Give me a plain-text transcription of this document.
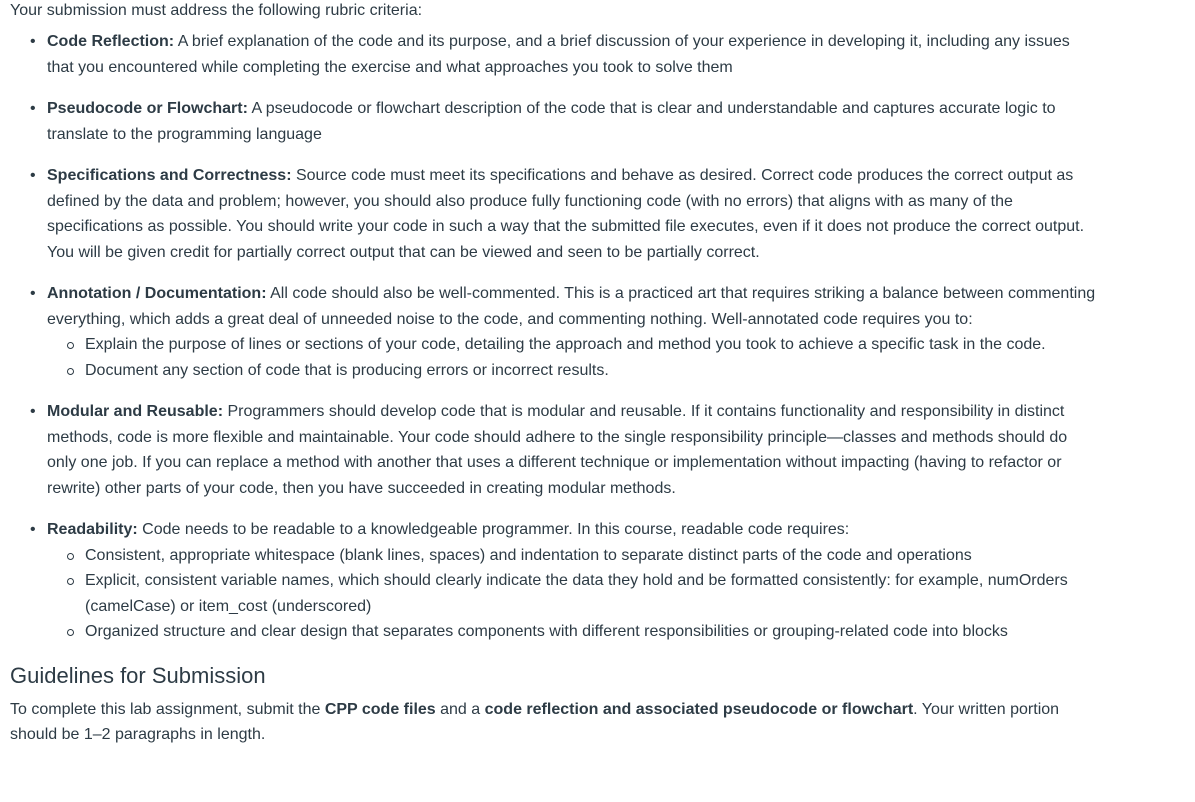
Your submission must address the following rubric criteria:

• Code Reflection: A brief explanation of the code and its purpose, and a brief discussion of your experience in developing it, including any issues that you encountered while completing the exercise and what approaches you took to solve them
• Pseudocode or Flowchart: A pseudocode or flowchart description of the code that is clear and understandable and captures accurate logic to translate to the programming language
• Specifications and Correctness: Source code must meet its specifications and behave as desired. Correct code produces the correct output as defined by the data and problem; however, you should also produce fully functioning code (with no errors) that aligns with as many of the specifications as possible. You should write your code in such a way that the submitted file executes, even if it does not produce the correct output. You will be given credit for partially correct output that can be viewed and seen to be partially correct.
• Annotation / Documentation: All code should also be well-commented. This is a practiced art that requires striking a balance between commenting everything, which adds a great deal of unneeded noise to the code, and commenting nothing. Well-annotated code requires you to:
Explain the purpose of lines or sections of your code, detailing the approach and method you took to achieve a specific task in the code.
Document any section of code that is producing errors or incorrect results.
• Modular and Reusable: Programmers should develop code that is modular and reusable. If it contains functionality and responsibility in distinct methods, code is more flexible and maintainable. Your code should adhere to the single responsibility principle—classes and methods should do only one job. If you can replace a method with another that uses a different technique or implementation without impacting (having to refactor or rewrite) other parts of your code, then you have succeeded in creating modular methods.
• Readability: Code needs to be readable to a knowledgeable programmer. In this course, readable code requires:
Consistent, appropriate whitespace (blank lines, spaces) and indentation to separate distinct parts of the code and operations
Explicit, consistent variable names, which should clearly indicate the data they hold and be formatted consistently: for example, numOrders (camelCase) or item_cost (underscored)
Organized structure and clear design that separates components with different responsibilities or grouping-related code into blocks
Guidelines for Submission

To complete this lab assignment, submit the CPP code files and a code reflection and associated pseudocode or flowchart. Your written portion should be 1–2 paragraphs in length.
